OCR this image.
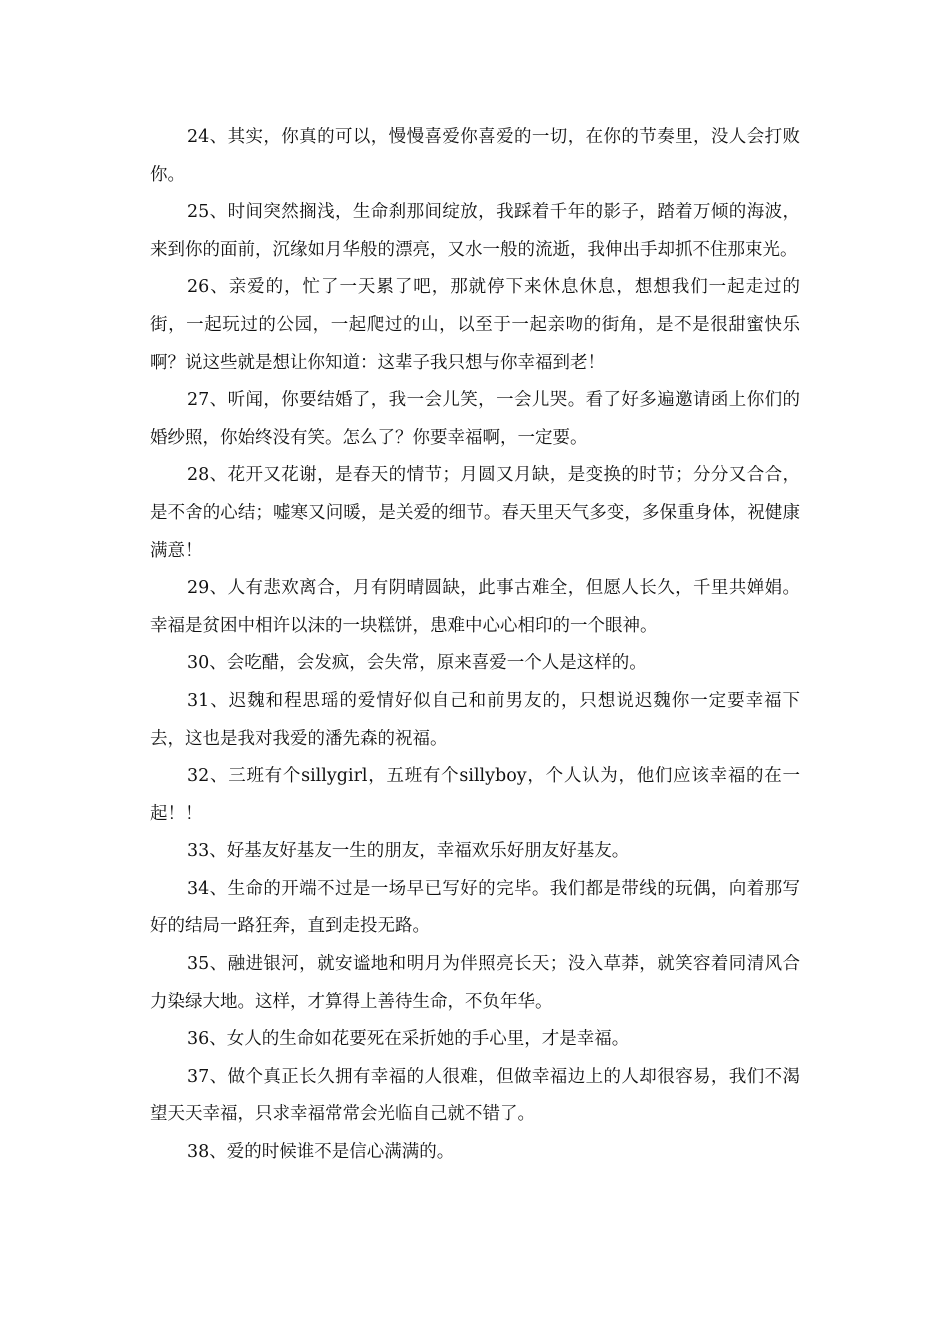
24、其实，你真的可以，慢慢喜爱你喜爱的一切，在你的节奏里，没人会打败你。

25、时间突然搁浅，生命刹那间绽放，我踩着千年的影子，踏着万倾的海波，来到你的面前，沉缘如月华般的漂亮，又水一般的流逝，我伸出手却抓不住那束光。

26、亲爱的，忙了一天累了吧，那就停下来休息休息，想想我们一起走过的街，一起玩过的公园，一起爬过的山，以至于一起亲吻的街角，是不是很甜蜜快乐啊？说这些就是想让你知道：这辈子我只想与你幸福到老！

27、听闻，你要结婚了，我一会儿笑，一会儿哭。看了好多遍邀请函上你们的婚纱照，你始终没有笑。怎么了？你要幸福啊，一定要。

28、花开又花谢，是春天的情节；月圆又月缺，是变换的时节；分分又合合，是不舍的心结；嘘寒又问暖，是关爱的细节。春天里天气多变，多保重身体，祝健康满意！

29、人有悲欢离合，月有阴晴圆缺，此事古难全，但愿人长久，千里共婵娟。幸福是贫困中相许以沫的一块糕饼，患难中心心相印的一个眼神。

30、会吃醋，会发疯，会失常，原来喜爱一个人是这样的。

31、迟魏和程思瑶的爱情好似自己和前男友的，只想说迟魏你一定要幸福下去，这也是我对我爱的潘先森的祝福。

32、三班有个sillygirl，五班有个sillyboy，个人认为，他们应该幸福的在一起！！

33、好基友好基友一生的朋友，幸福欢乐好朋友好基友。

34、生命的开端不过是一场早已写好的完毕。我们都是带线的玩偶，向着那写好的结局一路狂奔，直到走投无路。

35、融进银河，就安谧地和明月为伴照亮长天；没入草莽，就笑容着同清风合力染绿大地。这样，才算得上善待生命，不负年华。

36、女人的生命如花要死在采折她的手心里，才是幸福。

37、做个真正长久拥有幸福的人很难，但做幸福边上的人却很容易，我们不渴望天天幸福，只求幸福常常会光临自己就不错了。

38、爱的时候谁不是信心满满的。
